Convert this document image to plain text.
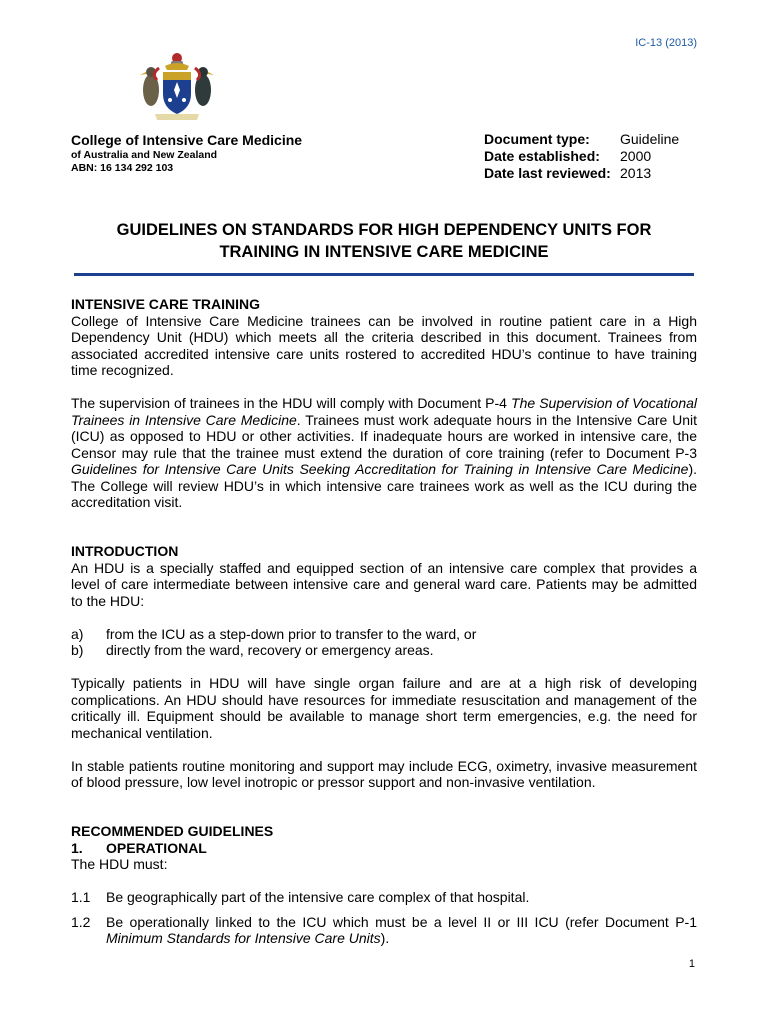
IC-13 (2013)
College of Intensive Care Medicine
of Australia and New Zealand
ABN: 16 134 292 103
Document type:	Guideline
Date established:	2000
Date last reviewed: 2013
GUIDELINES ON STANDARDS FOR HIGH DEPENDENCY UNITS FOR
TRAINING IN INTENSIVE CARE MEDICINE
INTENSIVE CARE TRAINING

College of Intensive Care Medicine trainees can be involved in routine patient care in a High Dependency Unit (HDU) which meets all the criteria described in this document. Trainees from associated accredited intensive care units rostered to accredited HDU’s continue to have training time recognized.

The supervision of trainees in the HDU will comply with Document P-4 The Supervision of Vocational Trainees in Intensive Care Medicine. Trainees must work adequate hours in the Intensive Care Unit (ICU) as opposed to HDU or other activities. If inadequate hours are worked in intensive care, the Censor may rule that the trainee must extend the duration of core training (refer to Document P-3 Guidelines for Intensive Care Units Seeking Accreditation for Training in Intensive Care Medicine). The College will review HDU’s in which intensive care trainees work as well as the ICU during the accreditation visit.

INTRODUCTION

An HDU is a specially staffed and equipped section of an intensive care complex that provides a level of care intermediate between intensive care and general ward care. Patients may be admitted to the HDU:

a)	from the ICU as a step-down prior to transfer to the ward, or
b)	directly from the ward, recovery or emergency areas.

Typically patients in HDU will have single organ failure and are at a high risk of developing complications. An HDU should have resources for immediate resuscitation and management of the critically ill. Equipment should be available to manage short term emergencies, e.g. the need for mechanical ventilation.

In stable patients routine monitoring and support may include ECG, oximetry, invasive measurement of blood pressure, low level inotropic or pressor support and non-invasive ventilation.

RECOMMENDED GUIDELINES
1.	OPERATIONAL

The HDU must:

1.1	Be geographically part of the intensive care complex of that hospital.
1.2	Be operationally linked to the ICU which must be a level II or III ICU (refer Document P-1 Minimum Standards for Intensive Care Units).
1
